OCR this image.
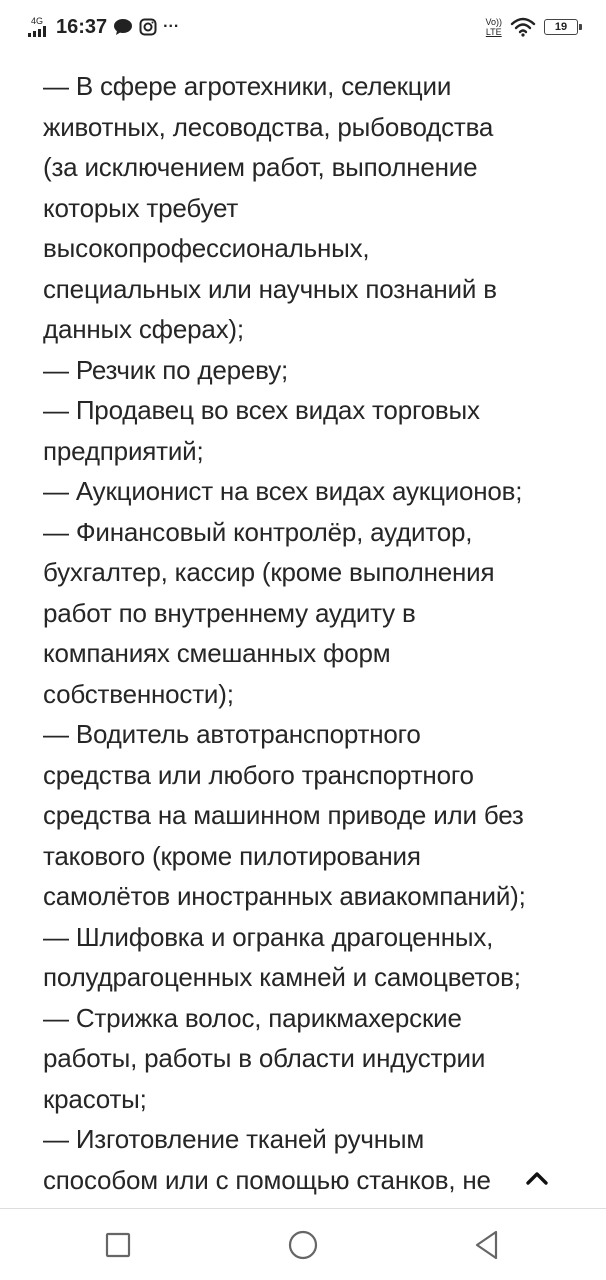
4G 16:37	···	Vo))
LTE	19
— В сфере агротехники, селекции
животных, лесоводства, рыбоводства
(за исключением работ, выполнение
которых требует
высокопрофессиональных,
специальных или научных познаний в
данных сферах);
— Резчик по дереву;
— Продавец во всех видах торговых
предприятий;
— Аукционист на всех видах аукционов;
— Финансовый контролёр, аудитор,
бухгалтер, кассир (кроме выполнения
работ по внутреннему аудиту в
компаниях смешанных форм
собственности);
— Водитель автотранспортного
средства или любого транспортного
средства на машинном приводе или без
такового (кроме пилотирования
самолётов иностранных авиакомпаний);
— Шлифовка и огранка драгоценных,
полудрагоценных камней и самоцветов;
— Стрижка волос, парикмахерские
работы, работы в области индустрии
красоты;
— Изготовление тканей ручным
способом или с помощью станков, не
